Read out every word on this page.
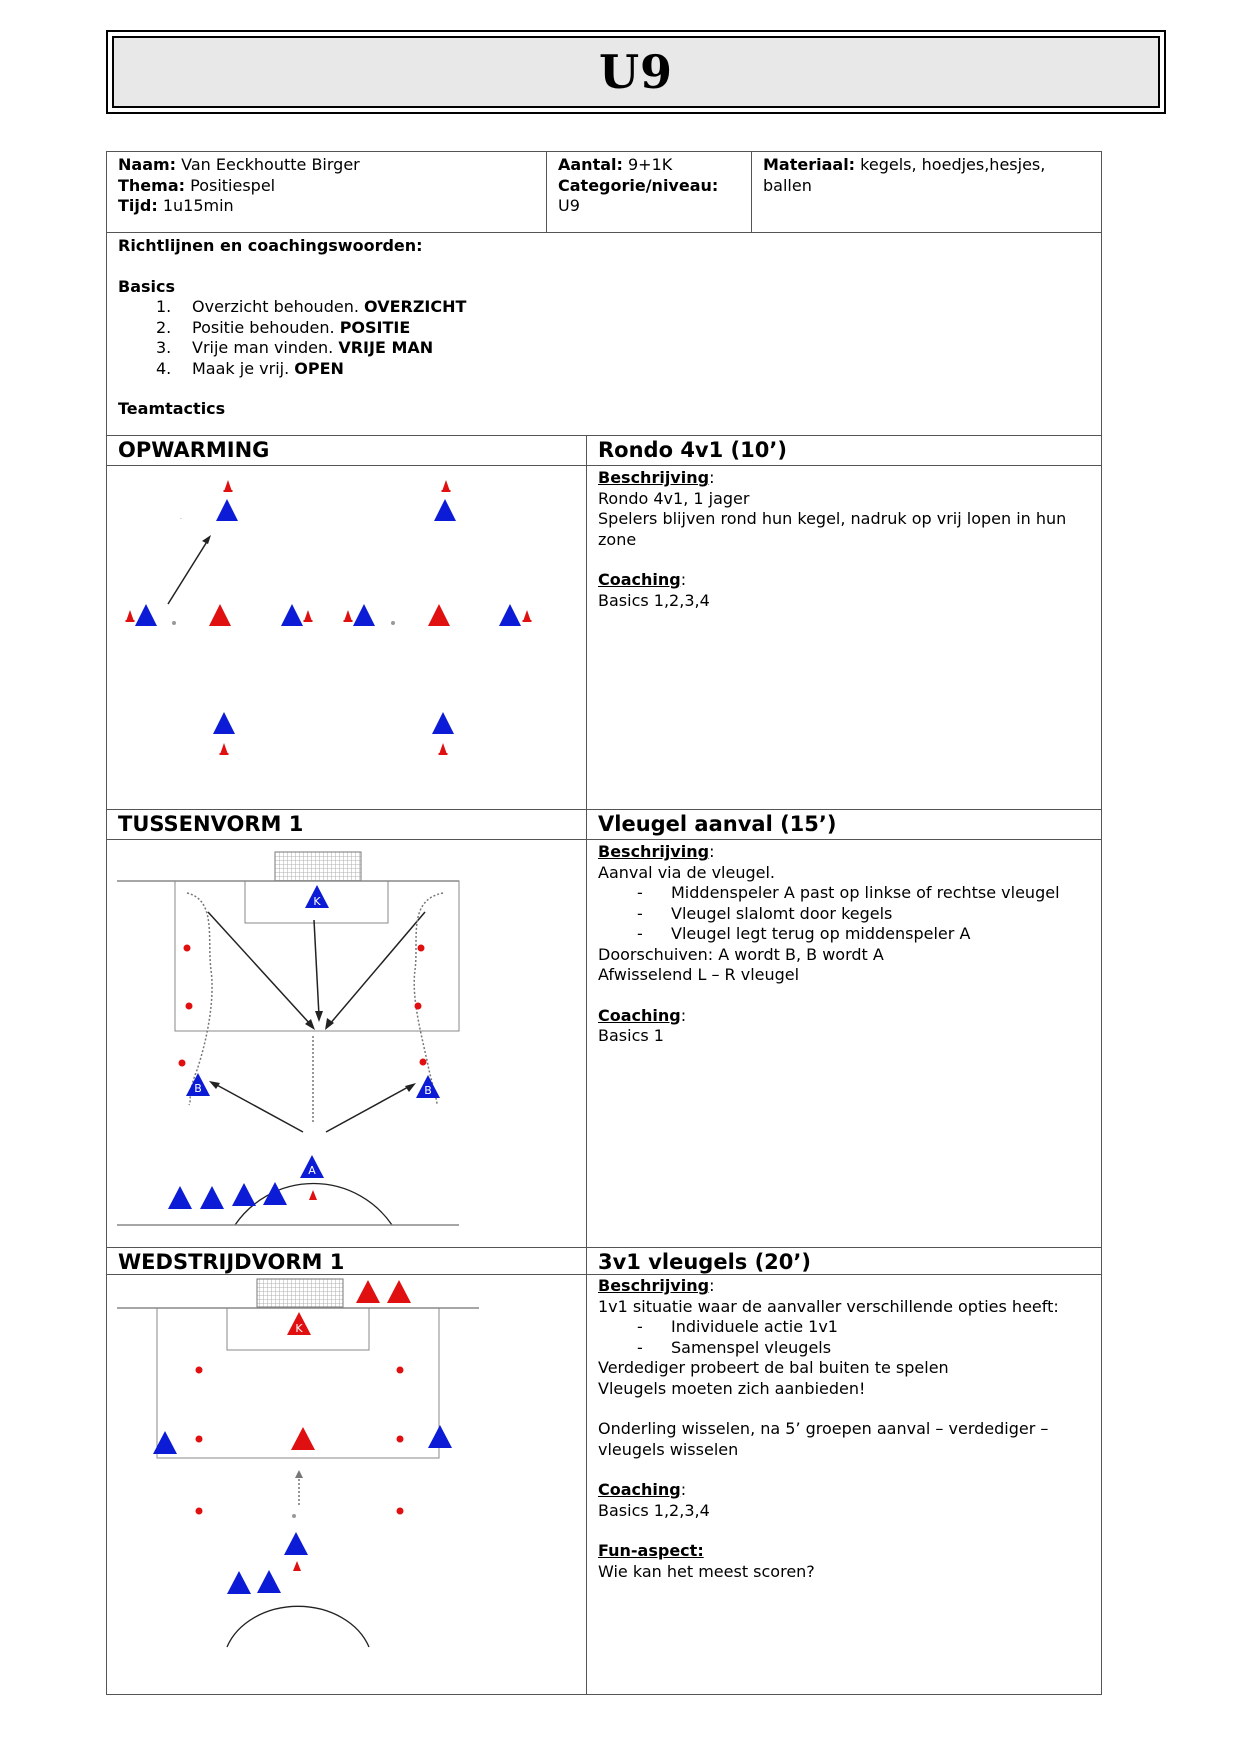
U9
Naam: Van Eeckhoutte Birger
Thema: Positiespel
Tijd: 1u15min
Aantal: 9+1K
Categorie/niveau:
U9
Materiaal: kegels, hoedjes,hesjes, ballen
Richtlijnen en coachingswoorden:
Basics
1. Overzicht behouden. OVERZICHT
2. Positie behouden. POSITIE
3. Vrije man vinden. VRIJE MAN
4. Maak je vrij. OPEN
Teamtactics
OPWARMING	Rondo 4v1 (10’)
·
Beschrijving:
Rondo 4v1, 1 jager
Spelers blijven rond hun kegel, nadruk op vrij lopen in hun zone
Coaching:
Basics 1,2,3,4
TUSSENVORM 1	Vleugel aanval (15’)
K
B	B
A
Beschrijving:
Aanval via de vleugel.
- Middenspeler A past op linkse of rechtse vleugel
- Vleugel slalomt door kegels
- Vleugel legt terug op middenspeler A
Doorschuiven: A wordt B, B wordt A
Afwisselend L – R vleugel
Coaching:
Basics 1
WEDSTRIJDVORM 1	3v1 vleugels (20’)
K
Beschrijving:
1v1 situatie waar de aanvaller verschillende opties heeft:
- Individuele actie 1v1
- Samenspel vleugels
Verdediger probeert de bal buiten te spelen
Vleugels moeten zich aanbieden!
Onderling wisselen, na 5’ groepen aanval – verdediger – vleugels wisselen
Coaching:
Basics 1,2,3,4
Fun-aspect:
Wie kan het meest scoren?
